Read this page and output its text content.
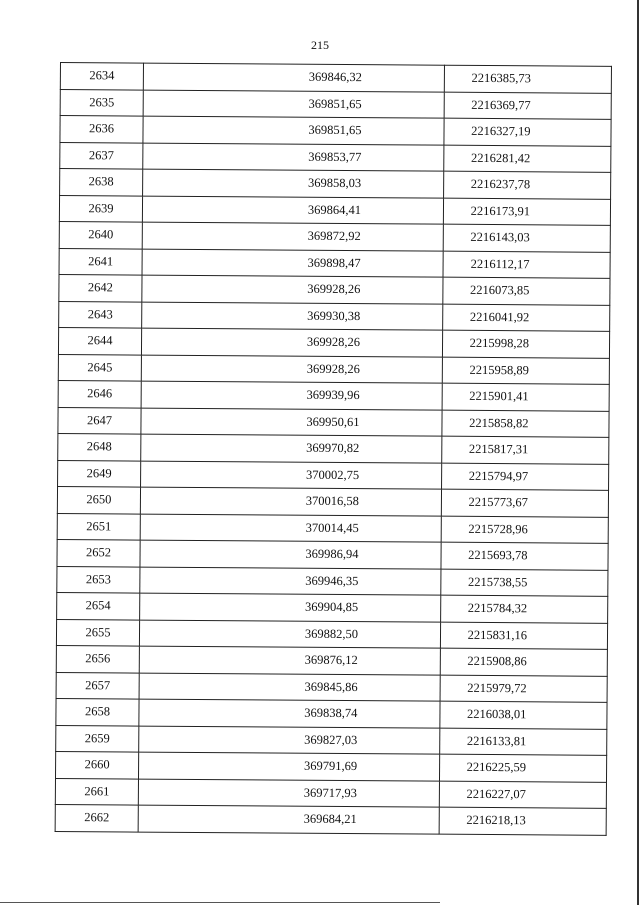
215
2634	369846,32	2216385,73
2635	369851,65	2216369,77
2636	369851,65	2216327,19
2637	369853,77	2216281,42
2638	369858,03	2216237,78
2639	369864,41	2216173,91
2640	369872,92	2216143,03
2641	369898,47	2216112,17
2642	369928,26	2216073,85
2643	369930,38	2216041,92
2644	369928,26	2215998,28
2645	369928,26	2215958,89
2646	369939,96	2215901,41
2647	369950,61	2215858,82
2648	369970,82	2215817,31
2649	370002,75	2215794,97
2650	370016,58	2215773,67
2651	370014,45	2215728,96
2652	369986,94	2215693,78
2653	369946,35	2215738,55
2654	369904,85	2215784,32
2655	369882,50	2215831,16
2656	369876,12	2215908,86
2657	369845,86	2215979,72
2658	369838,74	2216038,01
2659	369827,03	2216133,81
2660	369791,69	2216225,59
2661	369717,93	2216227,07
2662	369684,21	2216218,13
